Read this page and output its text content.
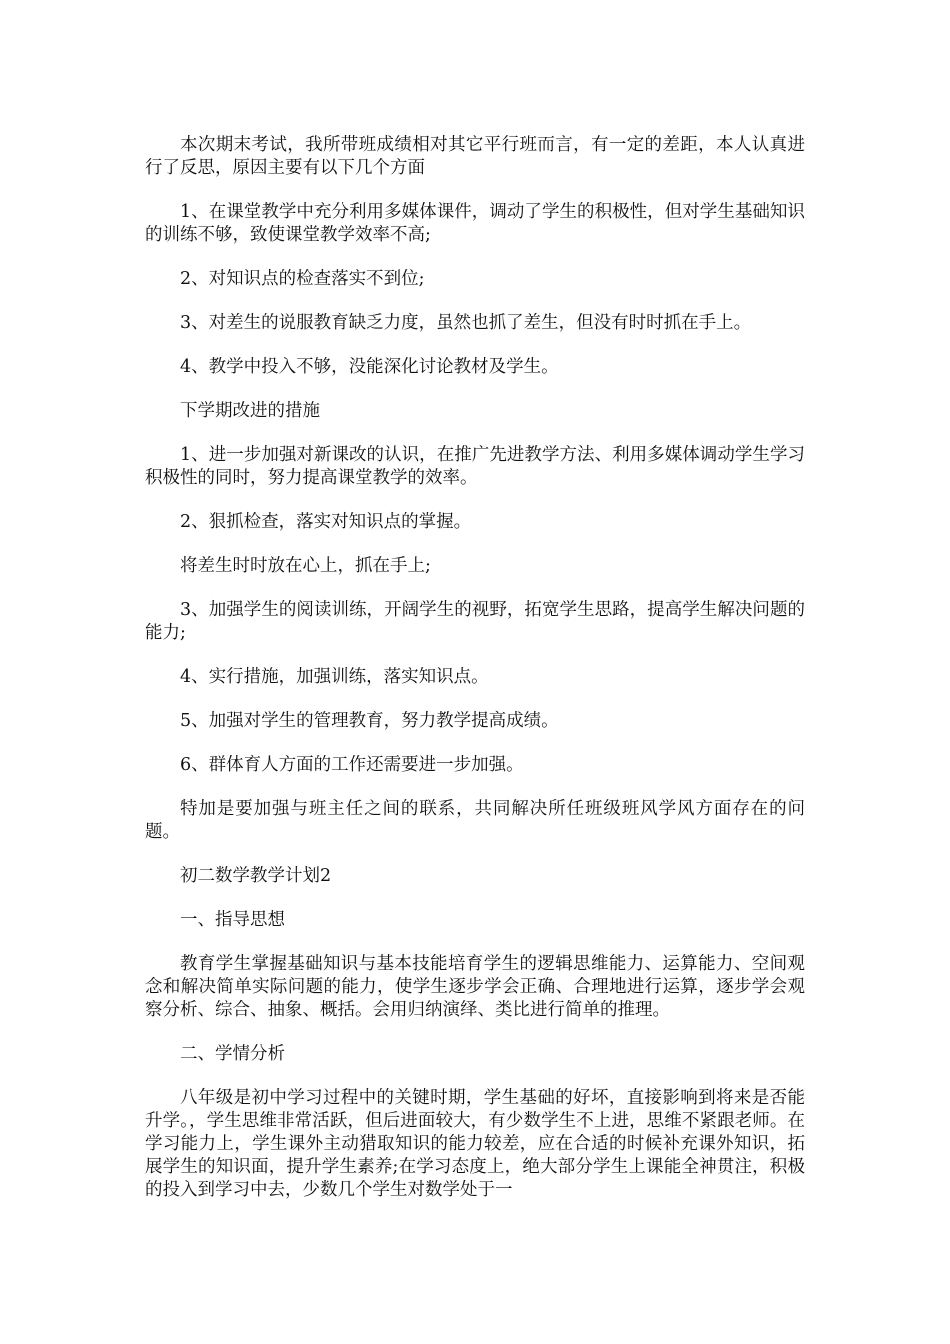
本次期末考试，我所带班成绩相对其它平行班而言，有一定的差距，本人认真进行了反思，原因主要有以下几个方面

1、在课堂教学中充分利用多媒体课件，调动了学生的积极性，但对学生基础知识的训练不够，致使课堂教学效率不高;

2、对知识点的检查落实不到位;

3、对差生的说服教育缺乏力度，虽然也抓了差生，但没有时时抓在手上。

4、教学中投入不够，没能深化讨论教材及学生。

下学期改进的措施

1、进一步加强对新课改的认识，在推广先进教学方法、利用多媒体调动学生学习积极性的同时，努力提高课堂教学的效率。

2、狠抓检查，落实对知识点的掌握。

将差生时时放在心上，抓在手上;

3、加强学生的阅读训练，开阔学生的视野，拓宽学生思路，提高学生解决问题的能力;

4、实行措施，加强训练，落实知识点。

5、加强对学生的管理教育，努力教学提高成绩。

6、群体育人方面的工作还需要进一步加强。

特加是要加强与班主任之间的联系，共同解决所任班级班风学风方面存在的问题。

初二数学教学计划2

一、指导思想

教育学生掌握基础知识与基本技能培育学生的逻辑思维能力、运算能力、空间观念和解决简单实际问题的能力，使学生逐步学会正确、合理地进行运算，逐步学会观察分析、综合、抽象、概括。会用归纳演绎、类比进行简单的推理。

二、学情分析

八年级是初中学习过程中的关键时期，学生基础的好坏，直接影响到将来是否能升学。，学生思维非常活跃，但后进面较大，有少数学生不上进，思维不紧跟老师。在学习能力上，学生课外主动猎取知识的能力较差，应在合适的时候补充课外知识，拓展学生的知识面，提升学生素养;在学习态度上，绝大部分学生上课能全神贯注，积极的投入到学习中去，少数几个学生对数学处于一
